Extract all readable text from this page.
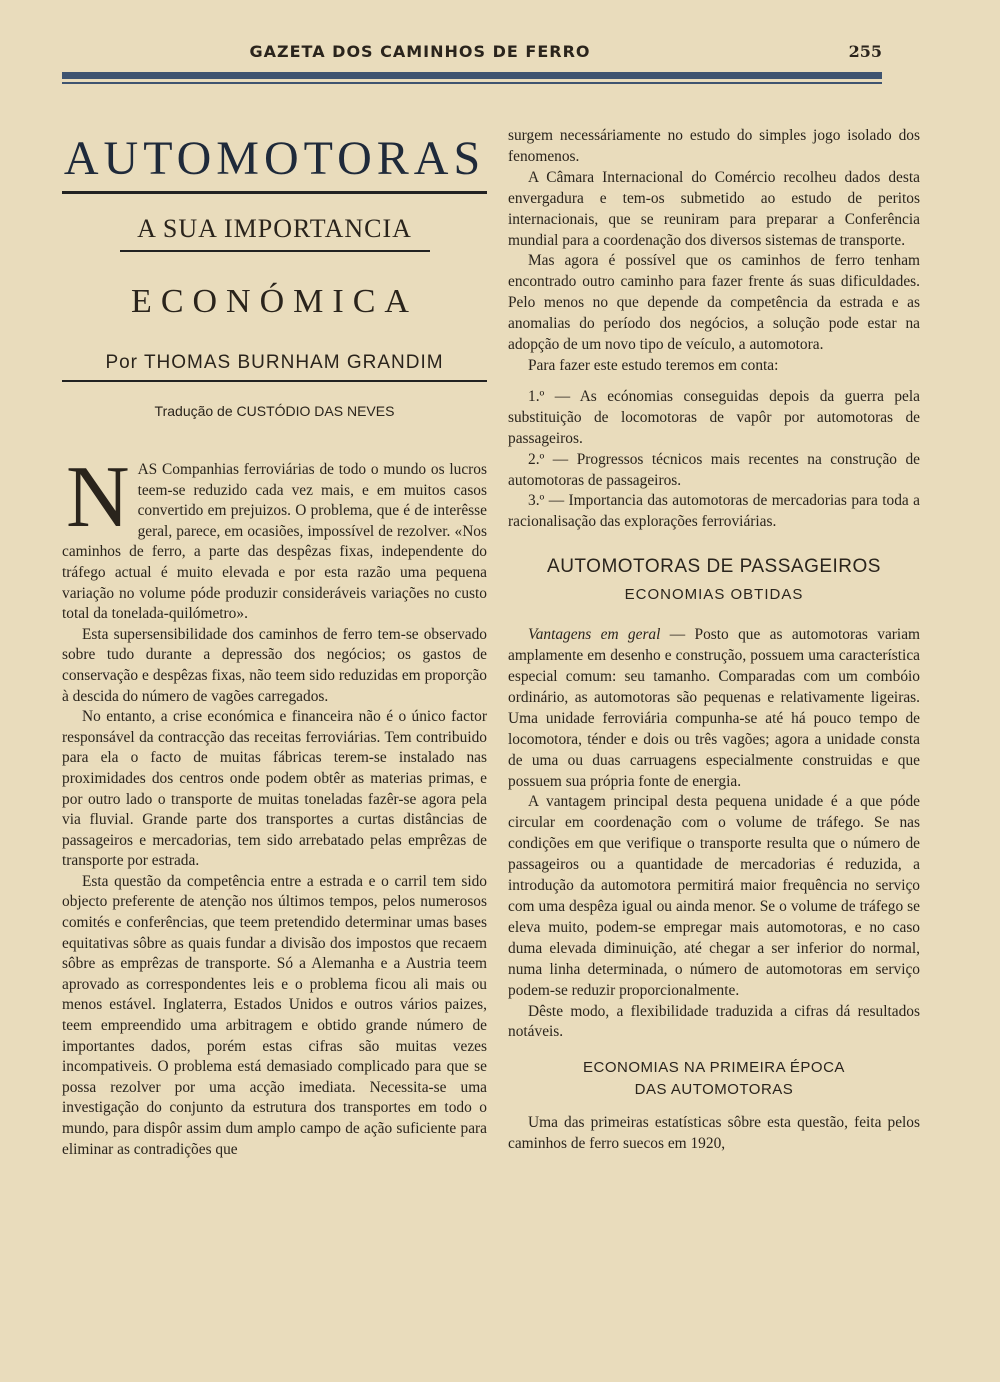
GAZETA DOS CAMINHOS DE FERRO	255
AUTOMOTORAS
A SUA IMPORTANCIA
ECONÓMICA
Por THOMAS BURNHAM GRANDIM
Tradução de CUSTÓDIO DAS NEVES

NAS Companhias ferroviárias de todo o mundo os lucros teem-se reduzido cada vez mais, e em muitos casos convertido em prejuizos. O problema, que é de interêsse geral, parece, em ocasiões, impossível de rezolver. «Nos caminhos de ferro, a parte das despêzas fixas, independente do tráfego actual é muito elevada e por esta razão uma pequena variação no volume póde produzir consideráveis variações no custo total da tonelada-quilómetro».

Esta supersensibilidade dos caminhos de ferro tem-se observado sobre tudo durante a depressão dos negócios; os gastos de conservação e despêzas fixas, não teem sido reduzidas em proporção à descida do número de vagões carregados.

No entanto, a crise económica e financeira não é o único factor responsável da contracção das receitas ferroviárias. Tem contribuido para ela o facto de muitas fábricas terem-se instalado nas proximidades dos centros onde podem obtêr as materias primas, e por outro lado o transporte de muitas toneladas fazêr-se agora pela via fluvial. Grande parte dos transportes a curtas distâncias de passageiros e mercadorias, tem sido arrebatado pelas emprêzas de transporte por estrada.

Esta questão da competência entre a estrada e o carril tem sido objecto preferente de atenção nos últimos tempos, pelos numerosos comités e conferências, que teem pretendido determinar umas bases equitativas sôbre as quais fundar a divisão dos impostos que recaem sôbre as emprêzas de transporte. Só a Alemanha e a Austria teem aprovado as correspondentes leis e o problema ficou ali mais ou menos estável. Inglaterra, Estados Unidos e outros vários paizes, teem empreendido uma arbitragem e obtido grande número de importantes dados, porém estas cifras são muitas vezes incompativeis. O problema está demasiado complicado para que se possa rezolver por uma acção imediata. Necessita-se uma investigação do conjunto da estrutura dos transportes em todo o mundo, para dispôr assim dum amplo campo de ação suficiente para eliminar as contradições que

surgem necessáriamente no estudo do simples jogo isolado dos fenomenos.

A Câmara Internacional do Comércio recolheu dados desta envergadura e tem-os submetido ao estudo de peritos internacionais, que se reuniram para preparar a Conferência mundial para a coordenação dos diversos sistemas de transporte.

Mas agora é possível que os caminhos de ferro tenham encontrado outro caminho para fazer frente ás suas dificuldades. Pelo menos no que depende da competência da estrada e as anomalias do período dos negócios, a solução pode estar na adopção de um novo tipo de veículo, a automotora.

Para fazer este estudo teremos em conta:

1.º — As ecónomias conseguidas depois da guerra pela substituição de locomotoras de vapôr por automotoras de passageiros.

2.º — Progressos técnicos mais recentes na construção de automotoras de passageiros.

3.º — Importancia das automotoras de mercadorias para toda a racionalisação das explorações ferroviárias.

AUTOMOTORAS DE PASSAGEIROS
ECONOMIAS OBTIDAS

Vantagens em geral — Posto que as automotoras variam amplamente em desenho e construção, possuem uma característica especial comum: seu tamanho. Comparadas com um combóio ordinário, as automotoras são pequenas e relativamente ligeiras. Uma unidade ferroviária compunha-se até há pouco tempo de locomotora, ténder e dois ou três vagões; agora a unidade consta de uma ou duas carruagens especialmente construidas e que possuem sua própria fonte de energia.

A vantagem principal desta pequena unidade é a que póde circular em coordenação com o volume de tráfego. Se nas condições em que verifique o transporte resulta que o número de passageiros ou a quantidade de mercadorias é reduzida, a introdução da automotora permitirá maior frequência no serviço com uma despêza igual ou ainda menor. Se o volume de tráfego se eleva muito, podem-se empregar mais automotoras, e no caso duma elevada diminuição, até chegar a ser inferior do normal, numa linha determinada, o número de automotoras em serviço podem-se reduzir proporcionalmente.

Dêste modo, a flexibilidade traduzida a cifras dá resultados notáveis.

ECONOMIAS NA PRIMEIRA ÉPOCA
DAS AUTOMOTORAS

Uma das primeiras estatísticas sôbre esta questão, feita pelos caminhos de ferro suecos em 1920,
